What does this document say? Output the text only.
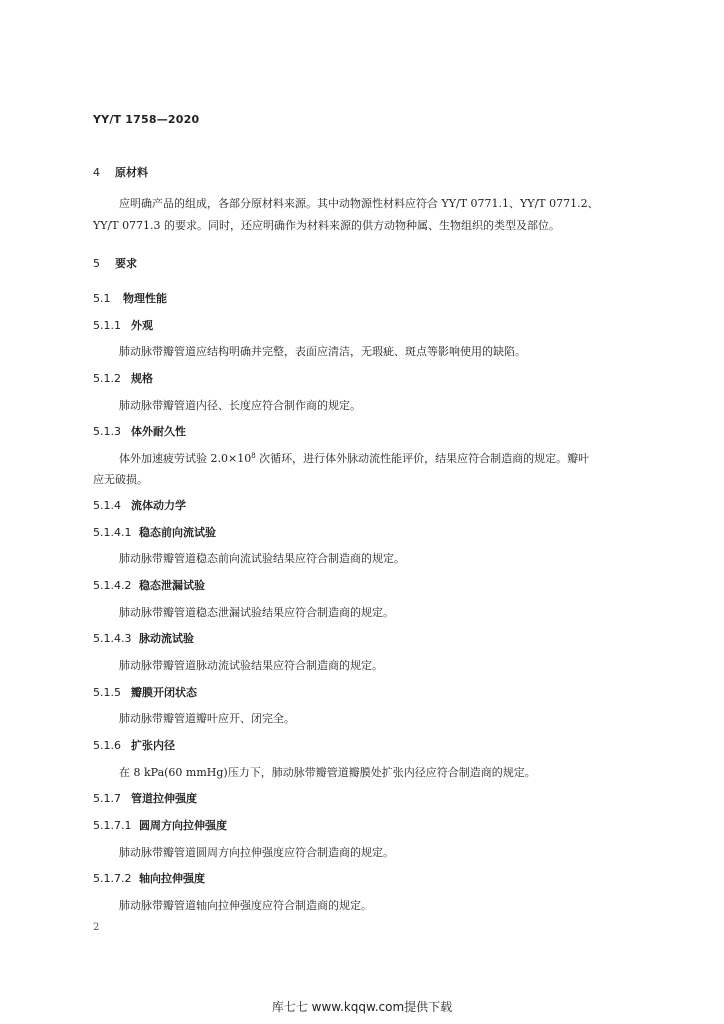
YY/T 1758—2020
4 原材料
应明确产品的组成，各部分原材料来源。其中动物源性材料应符合 YY/T 0771.1、YY/T 0771.2、
YY/T 0771.3 的要求。同时，还应明确作为材料来源的供方动物种属、生物组织的类型及部位。
5 要求
5.1 物理性能
5.1.1 外观
肺动脉带瓣管道应结构明确并完整，表面应清洁，无瑕疵、斑点等影响使用的缺陷。
5.1.2 规格
肺动脉带瓣管道内径、长度应符合制作商的规定。
5.1.3 体外耐久性
体外加速疲劳试验 $2.0\times 10^8$ 次循环，进行体外脉动流性能评价，结果应符合制造商的规定。瓣叶
应无破损。
5.1.4 流体动力学
5.1.4.1 稳态前向流试验
肺动脉带瓣管道稳态前向流试验结果应符合制造商的规定。
5.1.4.2 稳态泄漏试验
肺动脉带瓣管道稳态泄漏试验结果应符合制造商的规定。
5.1.4.3 脉动流试验
肺动脉带瓣管道脉动流试验结果应符合制造商的规定。
5.1.5 瓣膜开闭状态
肺动脉带瓣管道瓣叶应开、闭完全。
5.1.6 扩张内径
在 8 kPa(60 mmHg)压力下，肺动脉带瓣管道瓣膜处扩张内径应符合制造商的规定。
5.1.7 管道拉伸强度
5.1.7.1 圆周方向拉伸强度
肺动脉带瓣管道圆周方向拉伸强度应符合制造商的规定。
5.1.7.2 轴向拉伸强度
肺动脉带瓣管道轴向拉伸强度应符合制造商的规定。
2
库七七 www.kqqw.com提供下载
